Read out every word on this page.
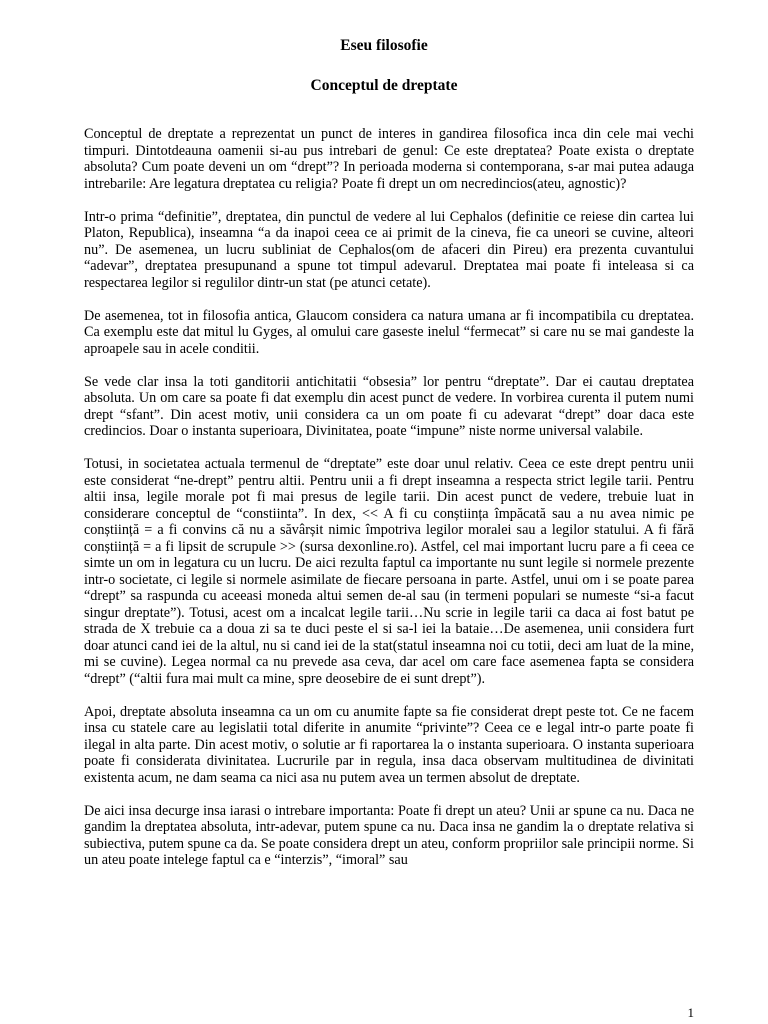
Eseu filosofie
Conceptul de dreptate

Conceptul de dreptate a reprezentat un punct de interes in gandirea filosofica inca din cele mai vechi timpuri. Dintotdeauna oamenii si-au pus intrebari de genul: Ce este dreptatea? Poate exista o dreptate absoluta? Cum poate deveni un om “drept”? In perioada moderna si contemporana, s-ar mai putea adauga intrebarile: Are legatura dreptatea cu religia? Poate fi drept un om necredincios(ateu, agnostic)?

Intr-o prima “definitie”, dreptatea, din punctul de vedere al lui Cephalos (definitie ce reiese din cartea lui Platon, Republica), inseamna “a da inapoi ceea ce ai primit de la cineva, fie ca uneori se cuvine, alteori nu”. De asemenea, un lucru subliniat de Cephalos(om de afaceri din Pireu) era prezenta cuvantului “adevar”, dreptatea presupunand a spune tot timpul adevarul. Dreptatea mai poate fi inteleasa si ca respectarea legilor si regulilor dintr-un stat (pe atunci cetate).

De asemenea, tot in filosofia antica, Glaucom considera ca natura umana ar fi incompatibila cu dreptatea. Ca exemplu este dat mitul lu Gyges, al omului care gaseste inelul “fermecat” si care nu se mai gandeste la aproapele sau in acele conditii.

Se vede clar insa la toti ganditorii antichitatii “obsesia” lor pentru “dreptate”. Dar ei cautau dreptatea absoluta. Un om care sa poate fi dat exemplu din acest punct de vedere. In vorbirea curenta il putem numi drept “sfant”. Din acest motiv, unii considera ca un om poate fi cu adevarat “drept” doar daca este credincios. Doar o instanta superioara, Divinitatea, poate “impune” niste norme universal valabile.

Totusi, in societatea actuala termenul de “dreptate” este doar unul relativ. Ceea ce este drept pentru unii este considerat “ne-drept” pentru altii. Pentru unii a fi drept inseamna a respecta strict legile tarii. Pentru altii insa, legile morale pot fi mai presus de legile tarii. Din acest punct de vedere, trebuie luat in considerare conceptul de “constiinta”. In dex, << A fi cu conștiința împăcată sau a nu avea nimic pe conștiință = a fi convins că nu a săvârșit nimic împotriva legilor moralei sau a legilor statului. A fi fără conștiință = a fi lipsit de scrupule >> (sursa dexonline.ro). Astfel, cel mai important lucru pare a fi ceea ce simte un om in legatura cu un lucru. De aici rezulta faptul ca importante nu sunt legile si normele prezente intr-o societate, ci legile si normele asimilate de fiecare persoana in parte. Astfel, unui om i se poate parea “drept” sa raspunda cu aceeasi moneda altui semen de-al sau (in termeni populari se numeste “si-a facut singur dreptate”). Totusi, acest om a incalcat legile tarii…Nu scrie in legile tarii ca daca ai fost batut pe strada de X trebuie ca a doua zi sa te duci peste el si sa-l iei la bataie…De asemenea, unii considera furt doar atunci cand iei de la altul, nu si cand iei de la stat(statul inseamna noi cu totii, deci am luat de la mine, mi se cuvine). Legea normal ca nu prevede asa ceva, dar acel om care face asemenea fapta se considera “drept” (“altii fura mai mult ca mine, spre deosebire de ei sunt drept”).

Apoi, dreptate absoluta inseamna ca un om cu anumite fapte sa fie considerat drept peste tot. Ce ne facem insa cu statele care au legislatii total diferite in anumite “privinte”? Ceea ce e legal intr-o parte poate fi ilegal in alta parte. Din acest motiv, o solutie ar fi raportarea la o instanta superioara. O instanta superioara poate fi considerata divinitatea. Lucrurile par in regula, insa daca observam multitudinea de divinitati existenta acum, ne dam seama ca nici asa nu putem avea un termen absolut de dreptate.

De aici insa decurge insa iarasi o intrebare importanta: Poate fi drept un ateu? Unii ar spune ca nu. Daca ne gandim la dreptatea absoluta, intr-adevar, putem spune ca nu. Daca insa ne gandim la o dreptate relativa si subiectiva, putem spune ca da. Se poate considera drept un ateu, conform propriilor sale principii norme. Si un ateu poate intelege faptul ca e “interzis”, “imoral” sau

1
